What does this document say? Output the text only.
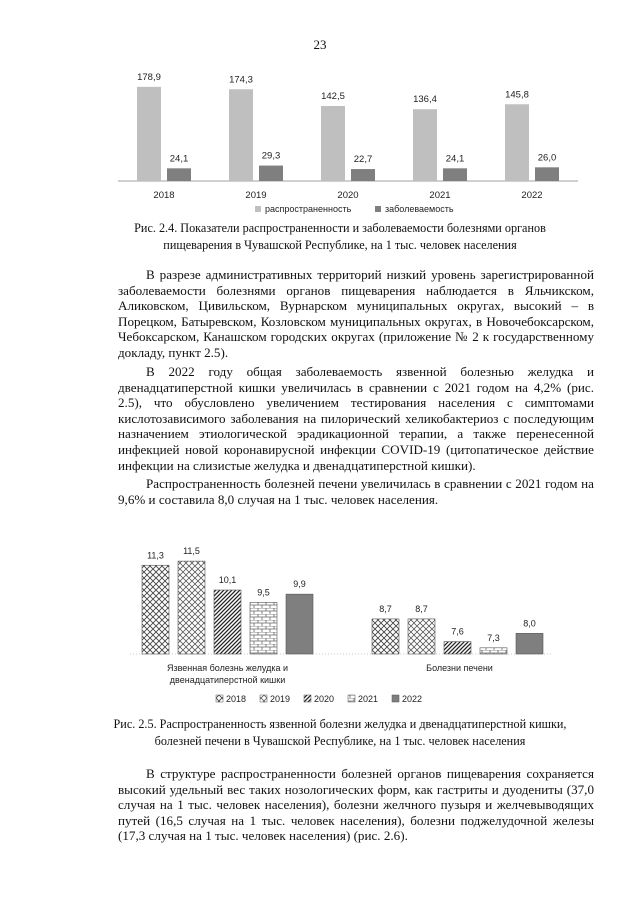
23
178,9
24,1
2018
174,3
29,3
2019
142,5
22,7
2020
136,4
24,1
2021
145,8
26,0
2022
распространенность	заболеваемость
Рис. 2.4. Показатели распространенности и заболеваемости болезнями органов пищеварения в Чувашской Республике, на 1 тыс. человек населения

В разрезе административных территорий низкий уровень зарегистрированной заболеваемости болезнями органов пищеварения наблюдается в Яльчикском, Аликовском, Цивильском, Вурнарском муниципальных округах, высокий – в Порецком, Батыревском, Козловском муниципальных округах, в Новочебоксарском, Чебоксарском, Канашском городских округах (приложение № 2 к государственному докладу, пункт 2.5).

В 2022 году общая заболеваемость язвенной болезнью желудка и двенадцатиперстной кишки увеличилась в сравнении с 2021 годом на 4,2% (рис. 2.5), что обусловлено увеличением тестирования населения с симптомами кислотозависимого заболевания на пилорический хеликобактериоз с последующим назначением этиологической эрадикационной терапии, а также перенесенной инфекцией новой коронавирусной инфекции COVID-19 (цитопатическое действие инфекции на слизистые желудка и двенадцатиперстной кишки).

Распространенность болезней печени увеличилась в сравнении с 2021 годом на 9,6% и составила 8,0 случая на 1 тыс. человек населения.

11,3 11,5
10,1
9,5
9,9
Язвенная болезнь желудка и
двенадцатиперстной кишки
8,7	8,7
7,6
7,3
8,0
Болезни печени
2018	2019	2020	2021	2022
Рис. 2.5. Распространенность язвенной болезни желудка и двенадцатиперстной кишки, болезней печени в Чувашской Республике, на 1 тыс. человек населения

В структуре распространенности болезней органов пищеварения сохраняется высокий удельный вес таких нозологических форм, как гастриты и дуодениты (37,0 случая на 1 тыс. человек населения), болезни желчного пузыря и желчевыводящих путей (16,5 случая на 1 тыс. человек населения), болезни поджелудочной железы (17,3 случая на 1 тыс. человек населения) (рис. 2.6).
